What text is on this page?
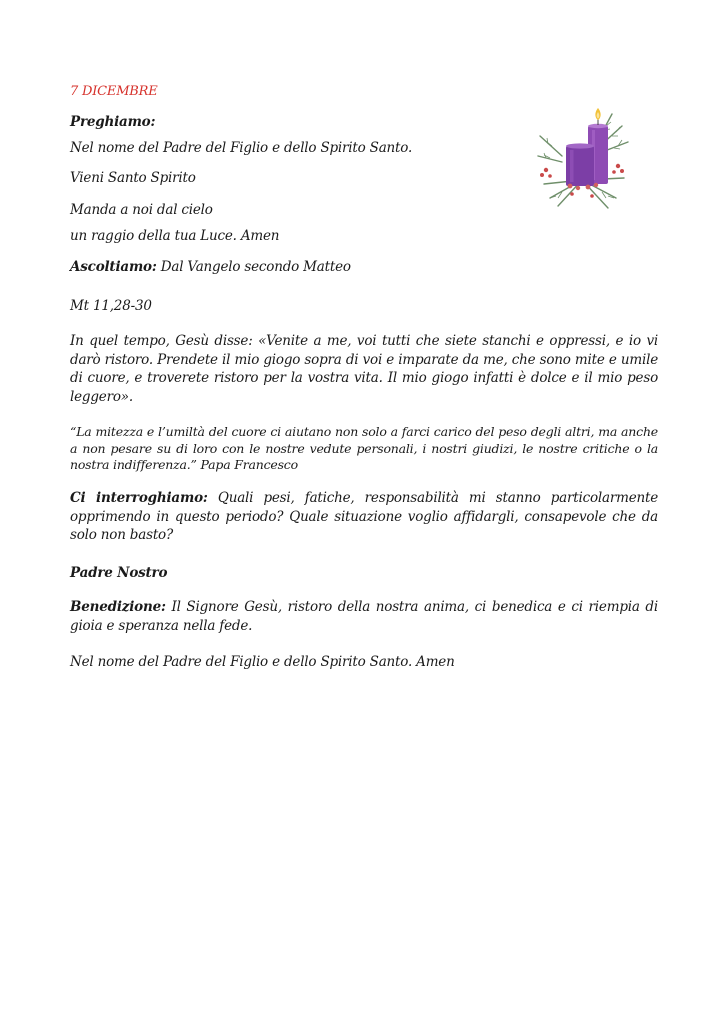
7 DICEMBRE
Preghiamo:
Nel nome del Padre del Figlio e dello Spirito Santo.
Vieni Santo Spirito
Manda a noi dal cielo
un raggio della tua Luce. Amen
Ascoltiamo: Dal Vangelo secondo Matteo
Mt 11,28-30
In quel tempo, Gesù disse: «Venite a me, voi tutti che siete stanchi e oppressi, e io vi darò ristoro. Prendete il mio giogo sopra di voi e imparate da me, che sono mite e umile di cuore, e troverete ristoro per la vostra vita. Il mio giogo infatti è dolce e il mio peso leggero».
“La mitezza e l’umiltà del cuore ci aiutano non solo a farci carico del peso degli altri, ma anche a non pesare su di loro con le nostre vedute personali, i nostri giudizi, le nostre critiche o la nostra indifferenza.” Papa Francesco
Ci interroghiamo: Quali pesi, fatiche, responsabilità mi stanno particolarmente opprimendo in questo periodo? Quale situazione voglio affidargli, consapevole che da solo non basto?
Padre Nostro
Benedizione: Il Signore Gesù, ristoro della nostra anima, ci benedica e ci riempia di gioia e speranza nella fede.
Nel nome del Padre del Figlio e dello Spirito Santo. Amen
